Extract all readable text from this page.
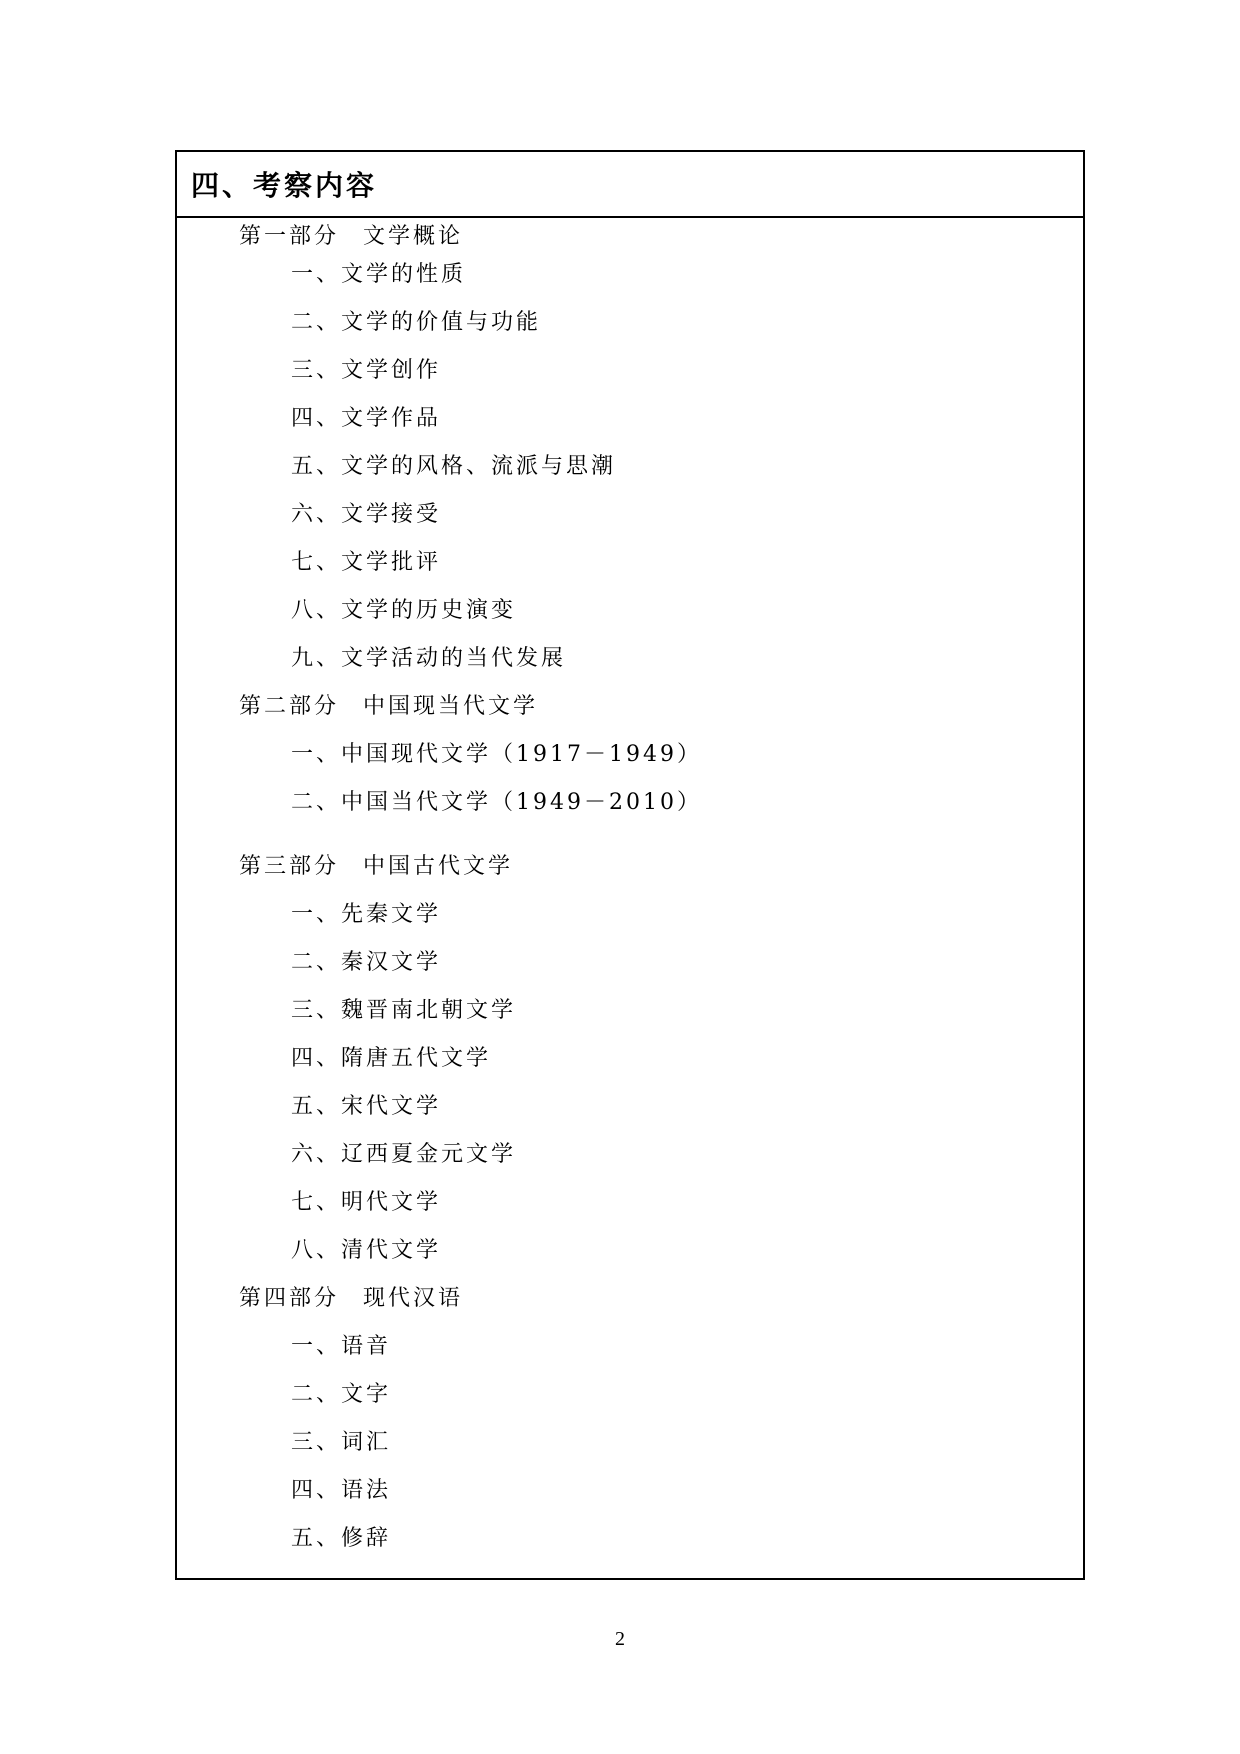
四、考察内容
第一部分 文学概论
一、文学的性质
二、文学的价值与功能
三、文学创作
四、文学作品
五、文学的风格、流派与思潮
六、文学接受
七、文学批评
八、文学的历史演变
九、文学活动的当代发展
第二部分 中国现当代文学
一、中国现代文学（1917－1949）
二、中国当代文学（1949－2010）
第三部分 中国古代文学
一、先秦文学
二、秦汉文学
三、魏晋南北朝文学
四、隋唐五代文学
五、宋代文学
六、辽西夏金元文学
七、明代文学
八、清代文学
第四部分 现代汉语
一、语音
二、文字
三、词汇
四、语法
五、修辞
2
